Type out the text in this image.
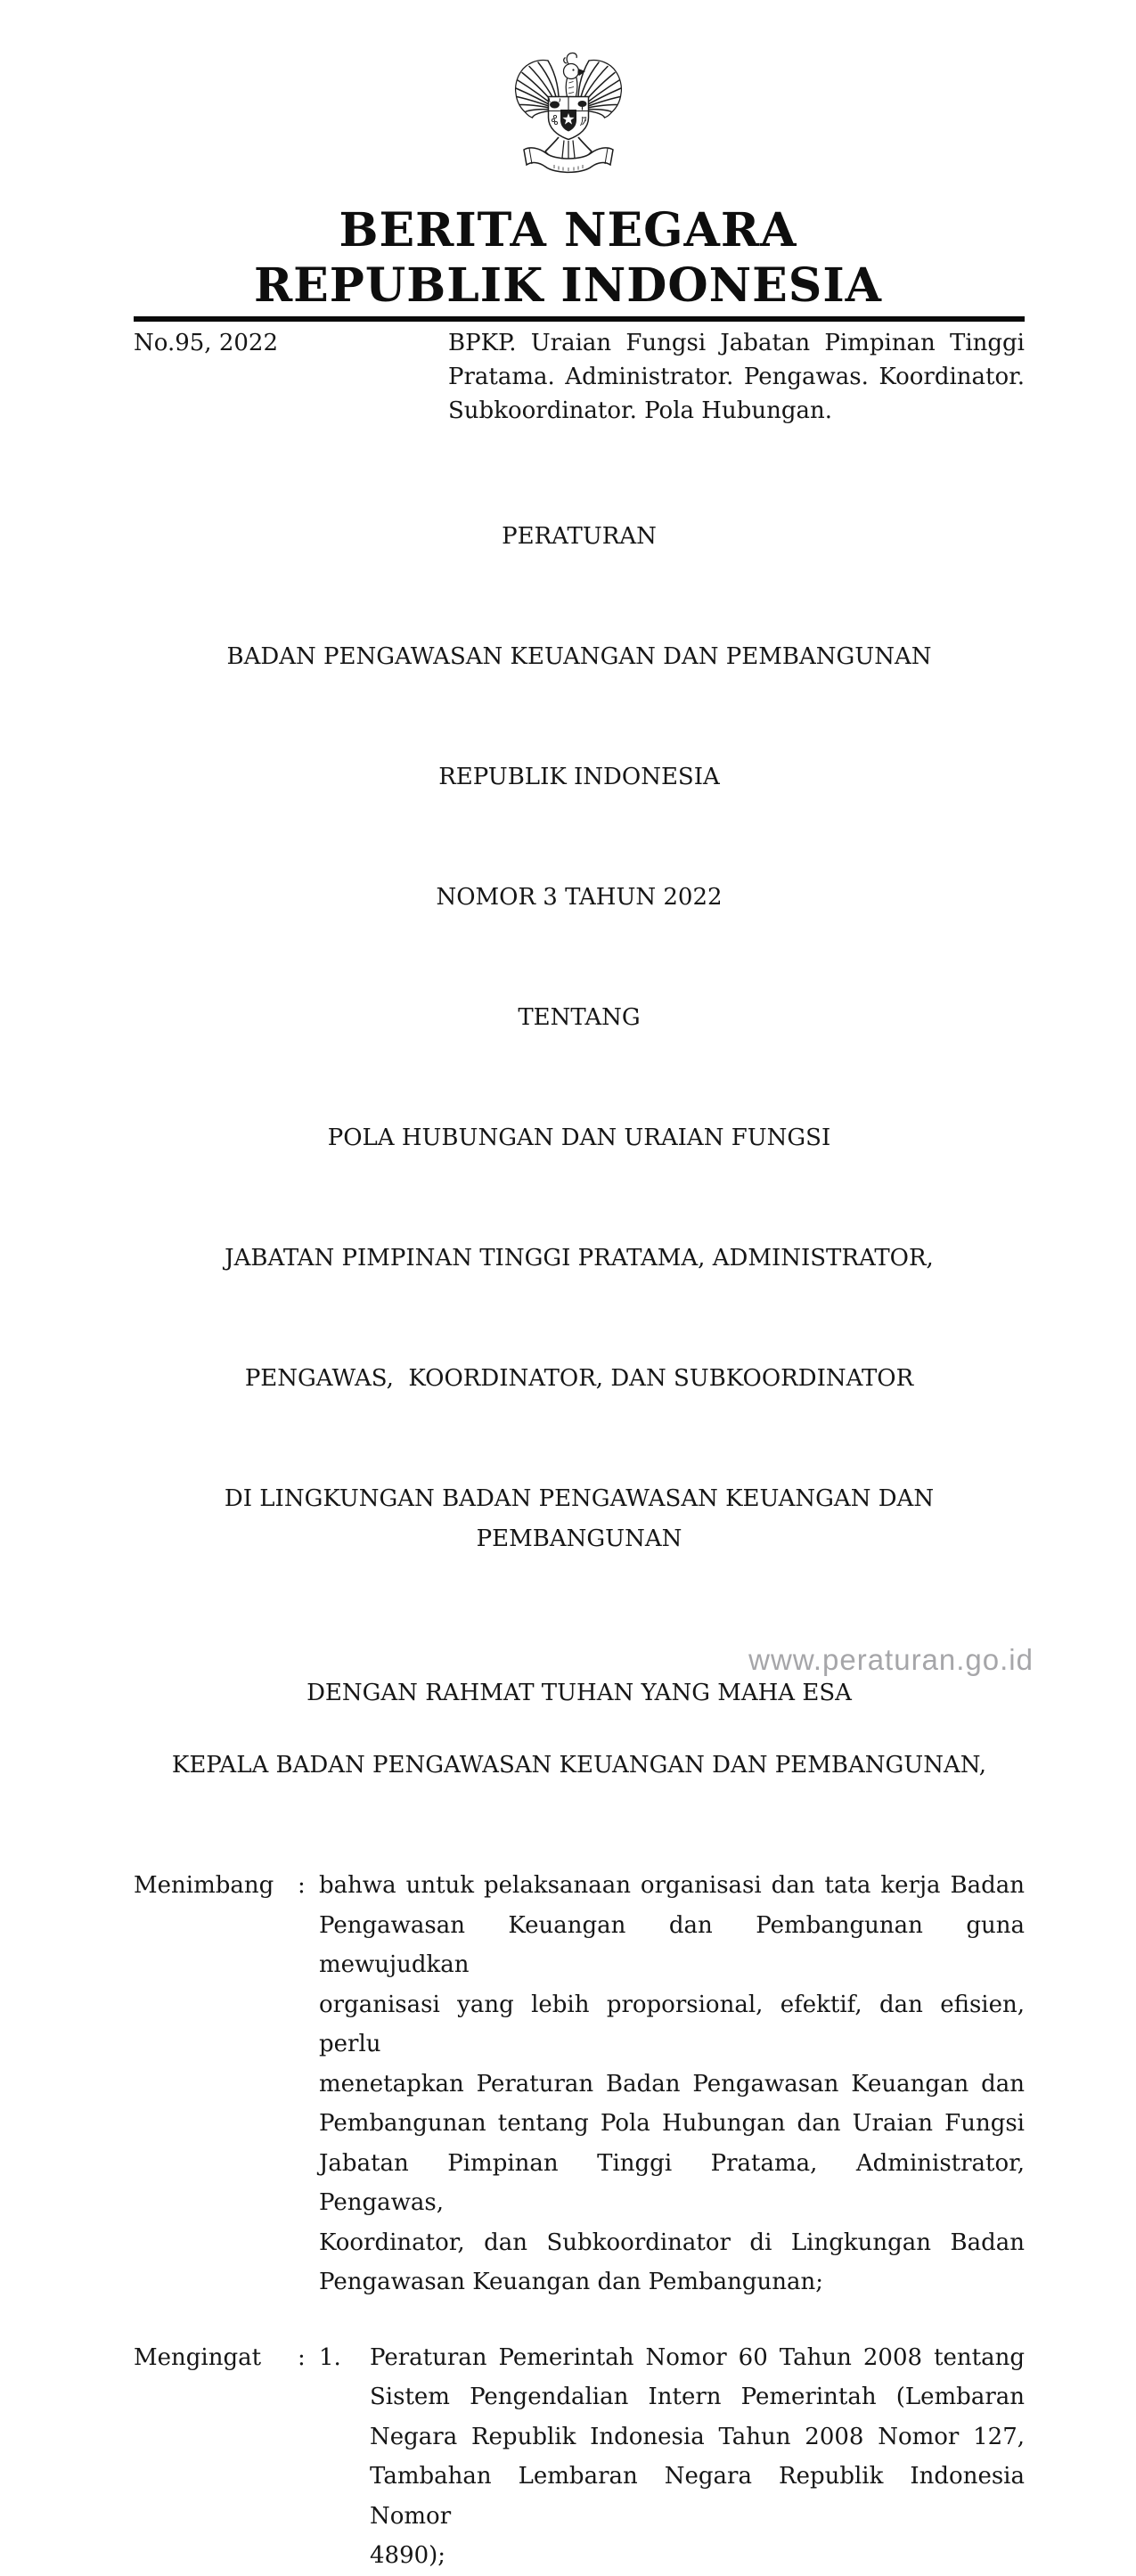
BERITA NEGARA
REPUBLIK INDONESIA
No.95, 2022	BPKP. Uraian Fungsi Jabatan Pimpinan Tinggi
Pratama. Administrator. Pengawas. Koordinator.
Subkoordinator. Pola Hubungan.

PERATURAN

BADAN PENGAWASAN KEUANGAN DAN PEMBANGUNAN

REPUBLIK INDONESIA

NOMOR 3 TAHUN 2022

TENTANG

POLA HUBUNGAN DAN URAIAN FUNGSI

JABATAN PIMPINAN TINGGI PRATAMA, ADMINISTRATOR,

PENGAWAS,  KOORDINATOR, DAN SUBKOORDINATOR

DI LINGKUNGAN BADAN PENGAWASAN KEUANGAN DAN PEMBANGUNAN

DENGAN RAHMAT TUHAN YANG MAHA ESA
KEPALA BADAN PENGAWASAN KEUANGAN DAN PEMBANGUNAN,
Menimbang	: bahwa untuk pelaksanaan organisasi dan tata kerja Badan
Pengawasan Keuangan dan Pembangunan guna mewujudkan
organisasi yang lebih proporsional, efektif, dan efisien, perlu
menetapkan Peraturan Badan Pengawasan Keuangan dan
Pembangunan tentang Pola Hubungan dan Uraian Fungsi
Jabatan Pimpinan Tinggi Pratama, Administrator, Pengawas,
Koordinator, dan Subkoordinator di Lingkungan Badan
Pengawasan Keuangan dan Pembangunan;
Mengingat	: 1.	Peraturan Pemerintah Nomor 60 Tahun 2008 tentang
Sistem Pengendalian Intern Pemerintah (Lembaran
Negara Republik Indonesia Tahun 2008 Nomor 127,
Tambahan Lembaran Negara Republik Indonesia Nomor
4890);
www.peraturan.go.id
